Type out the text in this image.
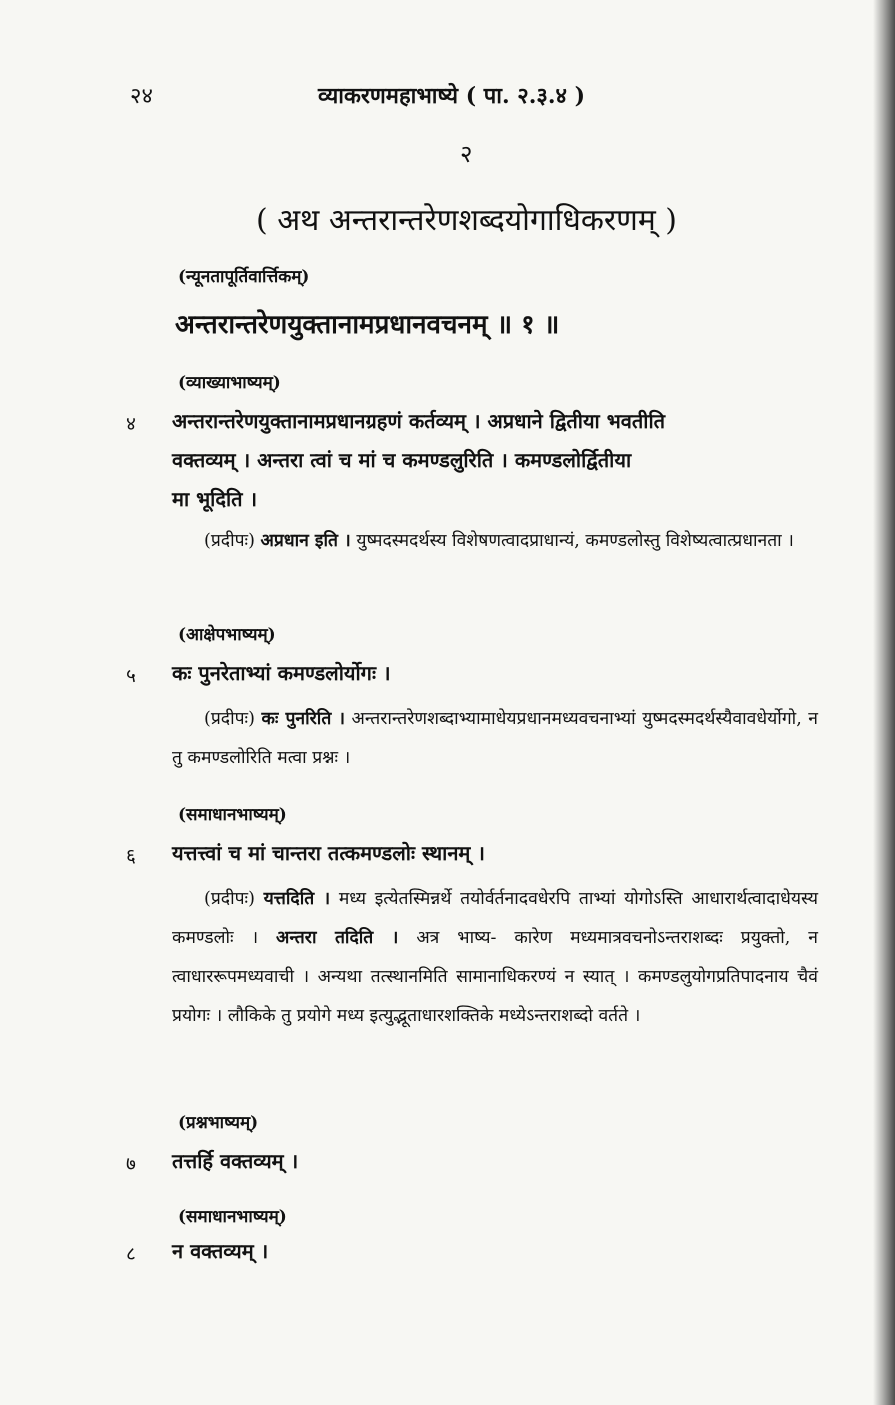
२४	व्याकरणमहाभाष्ये ( पा. २.३.४ )
२
( अथ अन्तरान्तरेणशब्दयोगाधिकरणम् )
(न्यूनतापूर्तिवार्त्तिकम्)
अन्तरान्तरेणयुक्तानामप्रधानवचनम् ॥ १ ॥
(व्याख्याभाष्यम्)
४ अन्तरान्तरेणयुक्तानामप्रधानग्रहणं कर्तव्यम् । अप्रधाने द्वितीया भवतीति
वक्तव्यम् । अन्तरा त्वां च मां च कमण्डलुरिति । कमण्डलोर्द्वितीया
मा भूदिति ।
(प्रदीपः) अप्रधान इति । युष्मदस्मदर्थस्य विशेषणत्वादप्राधान्यं, कमण्डलोस्तु विशेष्यत्वात्प्रधानता ।
(आक्षेपभाष्यम्)
५ कः पुनरेताभ्यां कमण्डलोर्योगः ।
(प्रदीपः) कः पुनरिति । अन्तरान्तरेणशब्दाभ्यामाधेयप्रधानमध्यवचनाभ्यां युष्मदस्मदर्थस्यैवावधेर्योगो, न तु कमण्डलोरिति मत्वा प्रश्नः ।
(समाधानभाष्यम्)
६ यत्तत्त्वां च मां चान्तरा तत्कमण्डलोः स्थानम् ।
(प्रदीपः) यत्तदिति । मध्य इत्येतस्मिन्नर्थे तयोर्वर्तनादवधेरपि ताभ्यां योगोऽस्ति आधारार्थत्वादाधेयस्य कमण्डलोः । अन्तरा तदिति । अत्र भाष्य- कारेण मध्यमात्रवचनोऽन्तराशब्दः प्रयुक्तो, न त्वाधाररूपमध्यवाची । अन्यथा तत्स्थानमिति सामानाधिकरण्यं न स्यात् । कमण्डलुयोगप्रतिपादनाय चैवं प्रयोगः । लौकिके तु प्रयोगे मध्य इत्युद्भूताधारशक्तिके मध्येऽन्तराशब्दो वर्तते ।
(प्रश्नभाष्यम्)
७ तत्तर्हि वक्तव्यम् ।
(समाधानभाष्यम्)
८ न वक्तव्यम् ।
